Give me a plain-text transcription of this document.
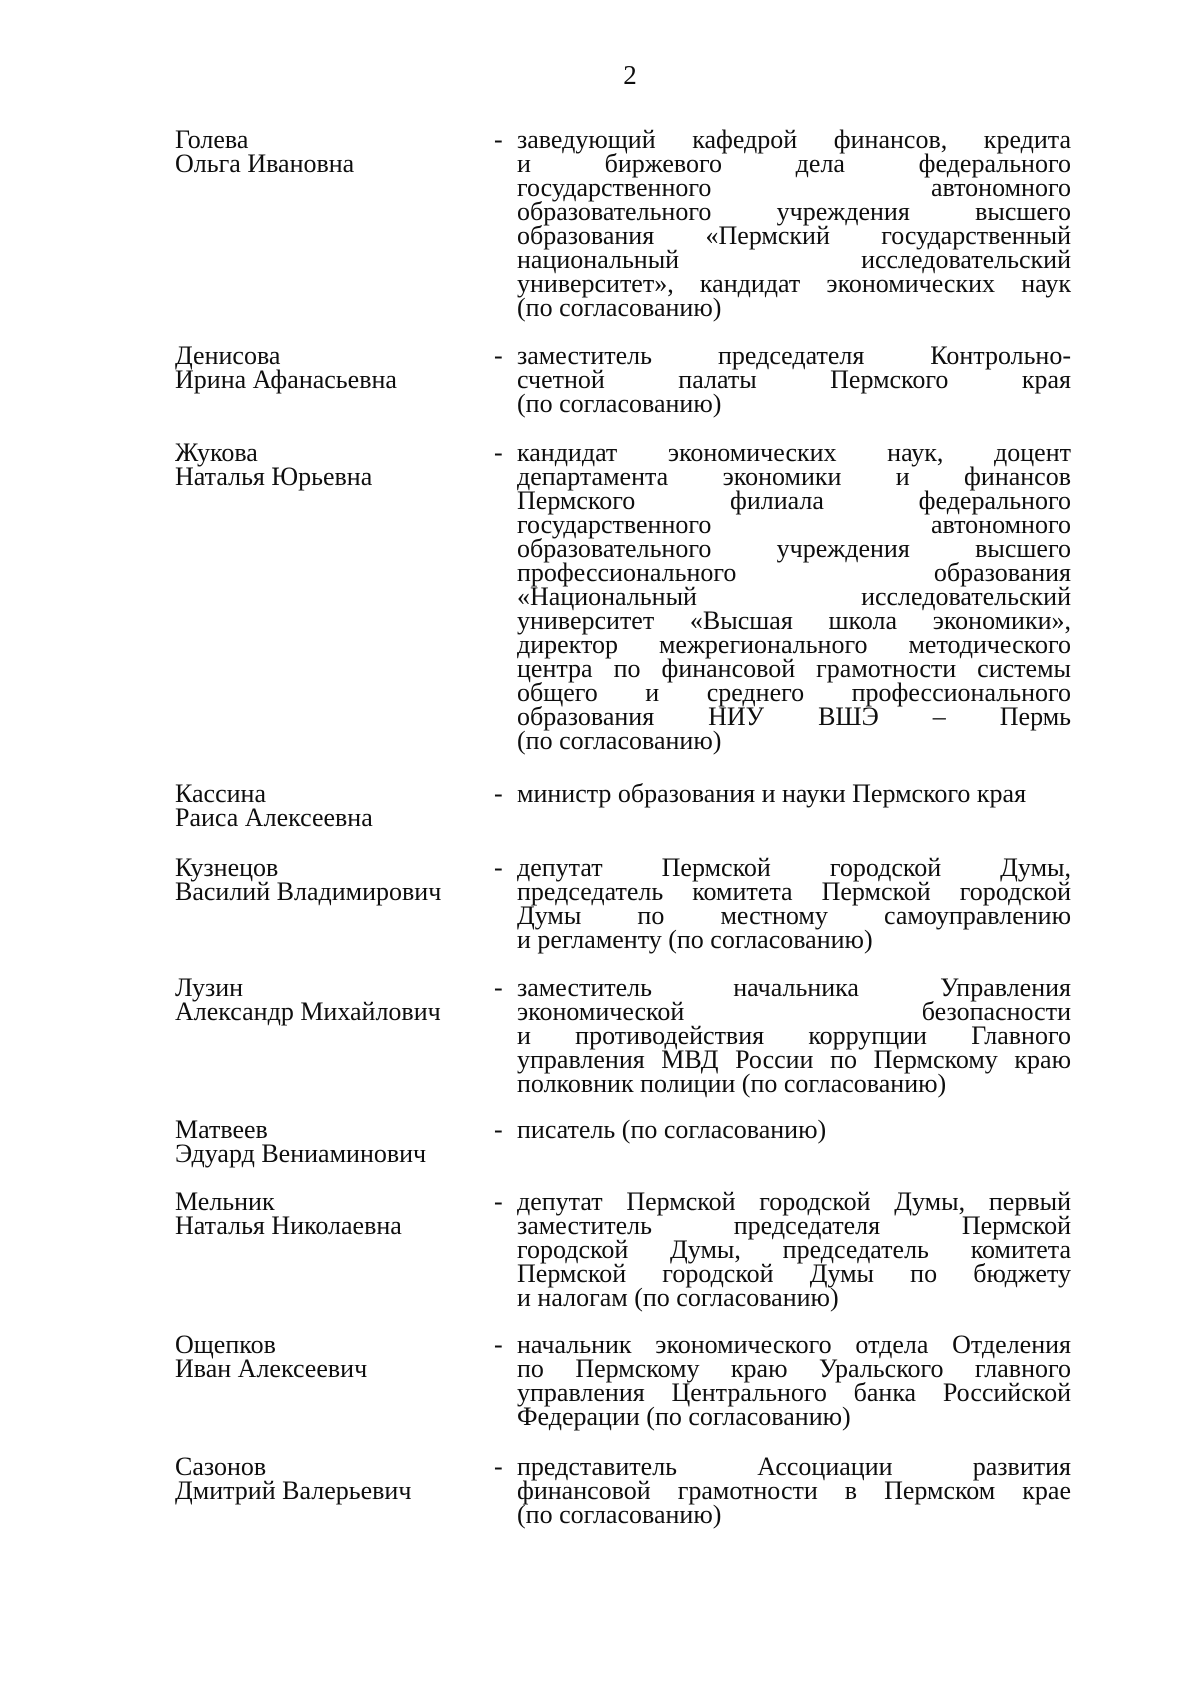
2
Голева
Ольга Ивановна
- заведующий кафедрой финансов, кредита
и биржевого дела федерального
государственного автономного
образовательного учреждения высшего
образования «Пермский государственный
национальный исследовательский
университет», кандидат экономических наук
(по согласованию)
Денисова
Ирина Афанасьевна
- заместитель председателя Контрольно-
счетной палаты Пермского края
(по согласованию)
Жукова
Наталья Юрьевна
- кандидат экономических наук, доцент
департамента экономики и финансов
Пермского филиала федерального
государственного автономного
образовательного учреждения высшего
профессионального образования
«Национальный исследовательский
университет «Высшая школа экономики»,
директор межрегионального методического
центра по финансовой грамотности системы
общего и среднего профессионального
образования НИУ ВШЭ – Пермь
(по согласованию)
Кассина
Раиса Алексеевна
- министр образования и науки Пермского края
Кузнецов
Василий Владимирович
- депутат Пермской городской Думы,
председатель комитета Пермской городской
Думы по местному самоуправлению
и регламенту (по согласованию)
Лузин
Александр Михайлович
- заместитель начальника Управления
экономической безопасности
и противодействия коррупции Главного
управления МВД России по Пермскому краю
полковник полиции (по согласованию)
Матвеев
Эдуард Вениаминович
- писатель (по согласованию)
Мельник
Наталья Николаевна
- депутат Пермской городской Думы, первый
заместитель председателя Пермской
городской Думы, председатель комитета
Пермской городской Думы по бюджету
и налогам (по согласованию)
Ощепков
Иван Алексеевич
- начальник экономического отдела Отделения
по Пермскому краю Уральского главного
управления Центрального банка Российской
Федерации (по согласованию)
Сазонов
Дмитрий Валерьевич
- представитель Ассоциации развития
финансовой грамотности в Пермском крае
(по согласованию)
